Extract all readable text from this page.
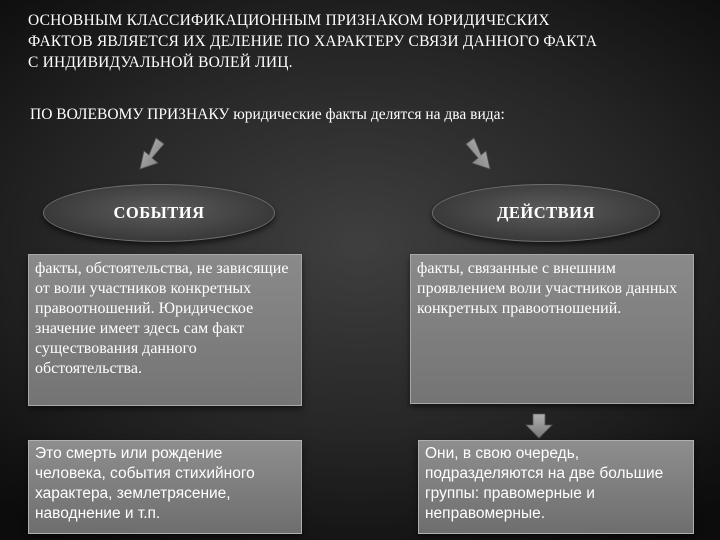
ОСНОВНЫМ КЛАССИФИКАЦИОННЫМ ПРИЗНАКОМ ЮРИДИЧЕСКИХ
ФАКТОВ ЯВЛЯЕТСЯ ИХ ДЕЛЕНИЕ ПО ХАРАКТЕРУ СВЯЗИ ДАННОГО ФАКТА
С ИНДИВИДУАЛЬНОЙ ВОЛЕЙ ЛИЦ.
ПО ВОЛЕВОМУ ПРИЗНАКУ юридические факты делятся на два вида:
СОБЫТИЯ	ДЕЙСТВИЯ
факты, обстоятельства, не зависящие от воли участников конкретных правоотношений. Юридическое значение имеет здесь сам факт существования данного обстоятельства.
факты, связанные с внешним проявлением воли участников данных конкретных правоотношений.
Это смерть или рождение человека, события стихийного характера, землетрясение, наводнение и т.п.
Они, в свою очередь, подразделяются на две большие группы: правомерные и неправомерные.
